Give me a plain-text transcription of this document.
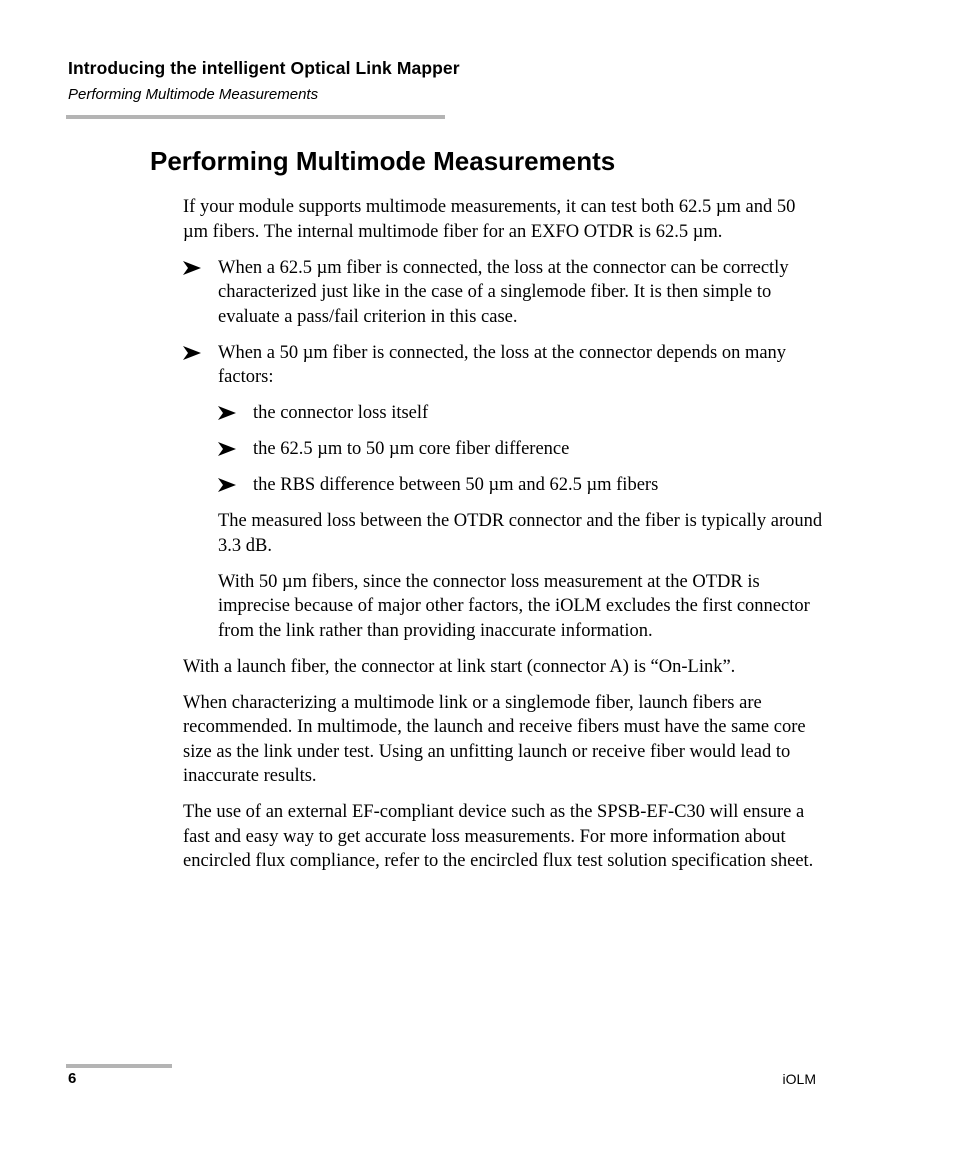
Introducing the intelligent Optical Link Mapper
Performing Multimode Measurements
Performing Multimode Measurements

If your module supports multimode measurements, it can test both 62.5 µm and 50 µm fibers. The internal multimode fiber for an EXFO OTDR is 62.5 µm.

When a 62.5 µm fiber is connected, the loss at the connector can be correctly characterized just like in the case of a singlemode fiber. It is then simple to evaluate a pass/fail criterion in this case.
When a 50 µm fiber is connected, the loss at the connector depends on many factors:
the connector loss itself
the 62.5 µm to 50 µm core fiber difference
the RBS difference between 50 µm and 62.5 µm fibers

The measured loss between the OTDR connector and the fiber is typically around 3.3 dB.

With 50 µm fibers, since the connector loss measurement at the OTDR is imprecise because of major other factors, the iOLM excludes the first connector from the link rather than providing inaccurate information.

With a launch fiber, the connector at link start (connector A) is “On-Link”.

When characterizing a multimode link or a singlemode fiber, launch fibers are recommended. In multimode, the launch and receive fibers must have the same core size as the link under test. Using an unfitting launch or receive fiber would lead to inaccurate results.

The use of an external EF-compliant device such as the SPSB-EF-C30 will ensure a fast and easy way to get accurate loss measurements. For more information about encircled flux compliance, refer to the encircled flux test solution specification sheet.

6	iOLM
